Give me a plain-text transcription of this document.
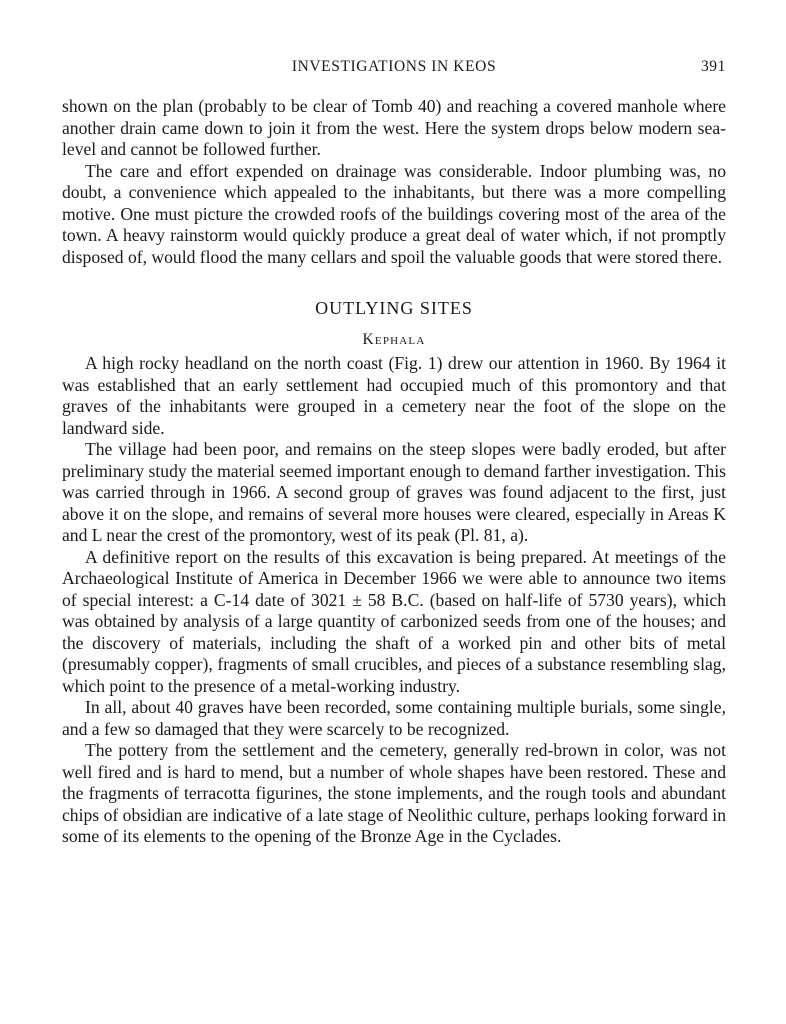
INVESTIGATIONS IN KEOS	391

shown on the plan (probably to be clear of Tomb 40) and reaching a covered manhole where another drain came down to join it from the west. Here the system drops below modern sea-level and cannot be followed further.

The care and effort expended on drainage was considerable. Indoor plumbing was, no doubt, a convenience which appealed to the inhabitants, but there was a more compelling motive. One must picture the crowded roofs of the buildings covering most of the area of the town. A heavy rainstorm would quickly produce a great deal of water which, if not promptly disposed of, would flood the many cellars and spoil the valuable goods that were stored there.

OUTLYING SITES
Kephala

A high rocky headland on the north coast (Fig. 1) drew our attention in 1960. By 1964 it was established that an early settlement had occupied much of this promontory and that graves of the inhabitants were grouped in a cemetery near the foot of the slope on the landward side.

The village had been poor, and remains on the steep slopes were badly eroded, but after preliminary study the material seemed important enough to demand farther investigation. This was carried through in 1966. A second group of graves was found adjacent to the first, just above it on the slope, and remains of several more houses were cleared, especially in Areas K and L near the crest of the promontory, west of its peak (Pl. 81, a).

A definitive report on the results of this excavation is being prepared. At meetings of the Archaeological Institute of America in December 1966 we were able to announce two items of special interest: a C-14 date of 3021 ± 58 B.C. (based on half-life of 5730 years), which was obtained by analysis of a large quantity of carbonized seeds from one of the houses; and the discovery of materials, including the shaft of a worked pin and other bits of metal (presumably copper), fragments of small crucibles, and pieces of a substance resembling slag, which point to the presence of a metal-working industry.

In all, about 40 graves have been recorded, some containing multiple burials, some single, and a few so damaged that they were scarcely to be recognized.

The pottery from the settlement and the cemetery, generally red-brown in color, was not well fired and is hard to mend, but a number of whole shapes have been restored. These and the fragments of terracotta figurines, the stone implements, and the rough tools and abundant chips of obsidian are indicative of a late stage of Neolithic culture, perhaps looking forward in some of its elements to the opening of the Bronze Age in the Cyclades.
